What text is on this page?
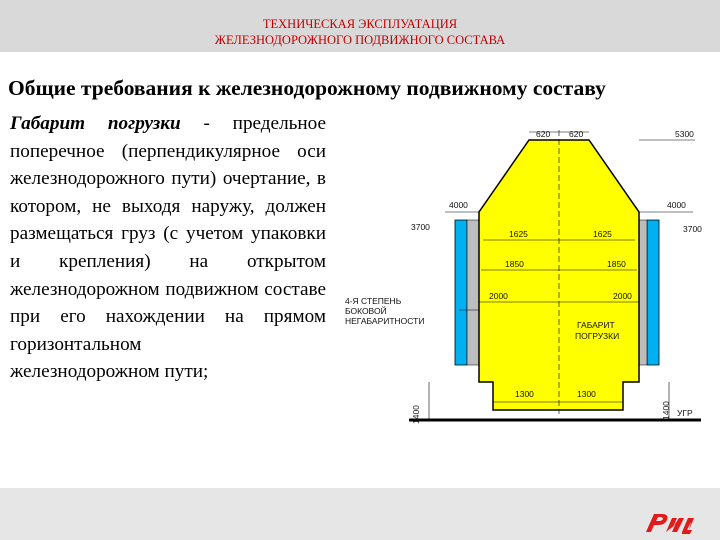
ТЕХНИЧЕСКАЯ ЭКСПЛУАТАЦИЯ
ЖЕЛЕЗНОДОРОЖНОГО ПОДВИЖНОГО СОСТАВА
Общие требования к железнодорожному подвижному составу
Габарит погрузки - предельное поперечное (перпендикулярное оси железнодорожного пути) очертание, в котором, не выходя наружу, должен размещаться груз (с учетом упаковки и крепления) на открытом железнодорожном подвижном составе при его нахождении на прямом горизонтальном
железнодорожном пути;
620 620	5300
4000	4000
3700	3700
1625	1625
1850	1850
2000	2000
1300	1300
1400	1400
4-Я СТЕПЕНЬ
БОКОВОЙ
НЕГАБАРИТНОСТИ	ГАБАРИТ
ПОГРУЗКИ
УГР
